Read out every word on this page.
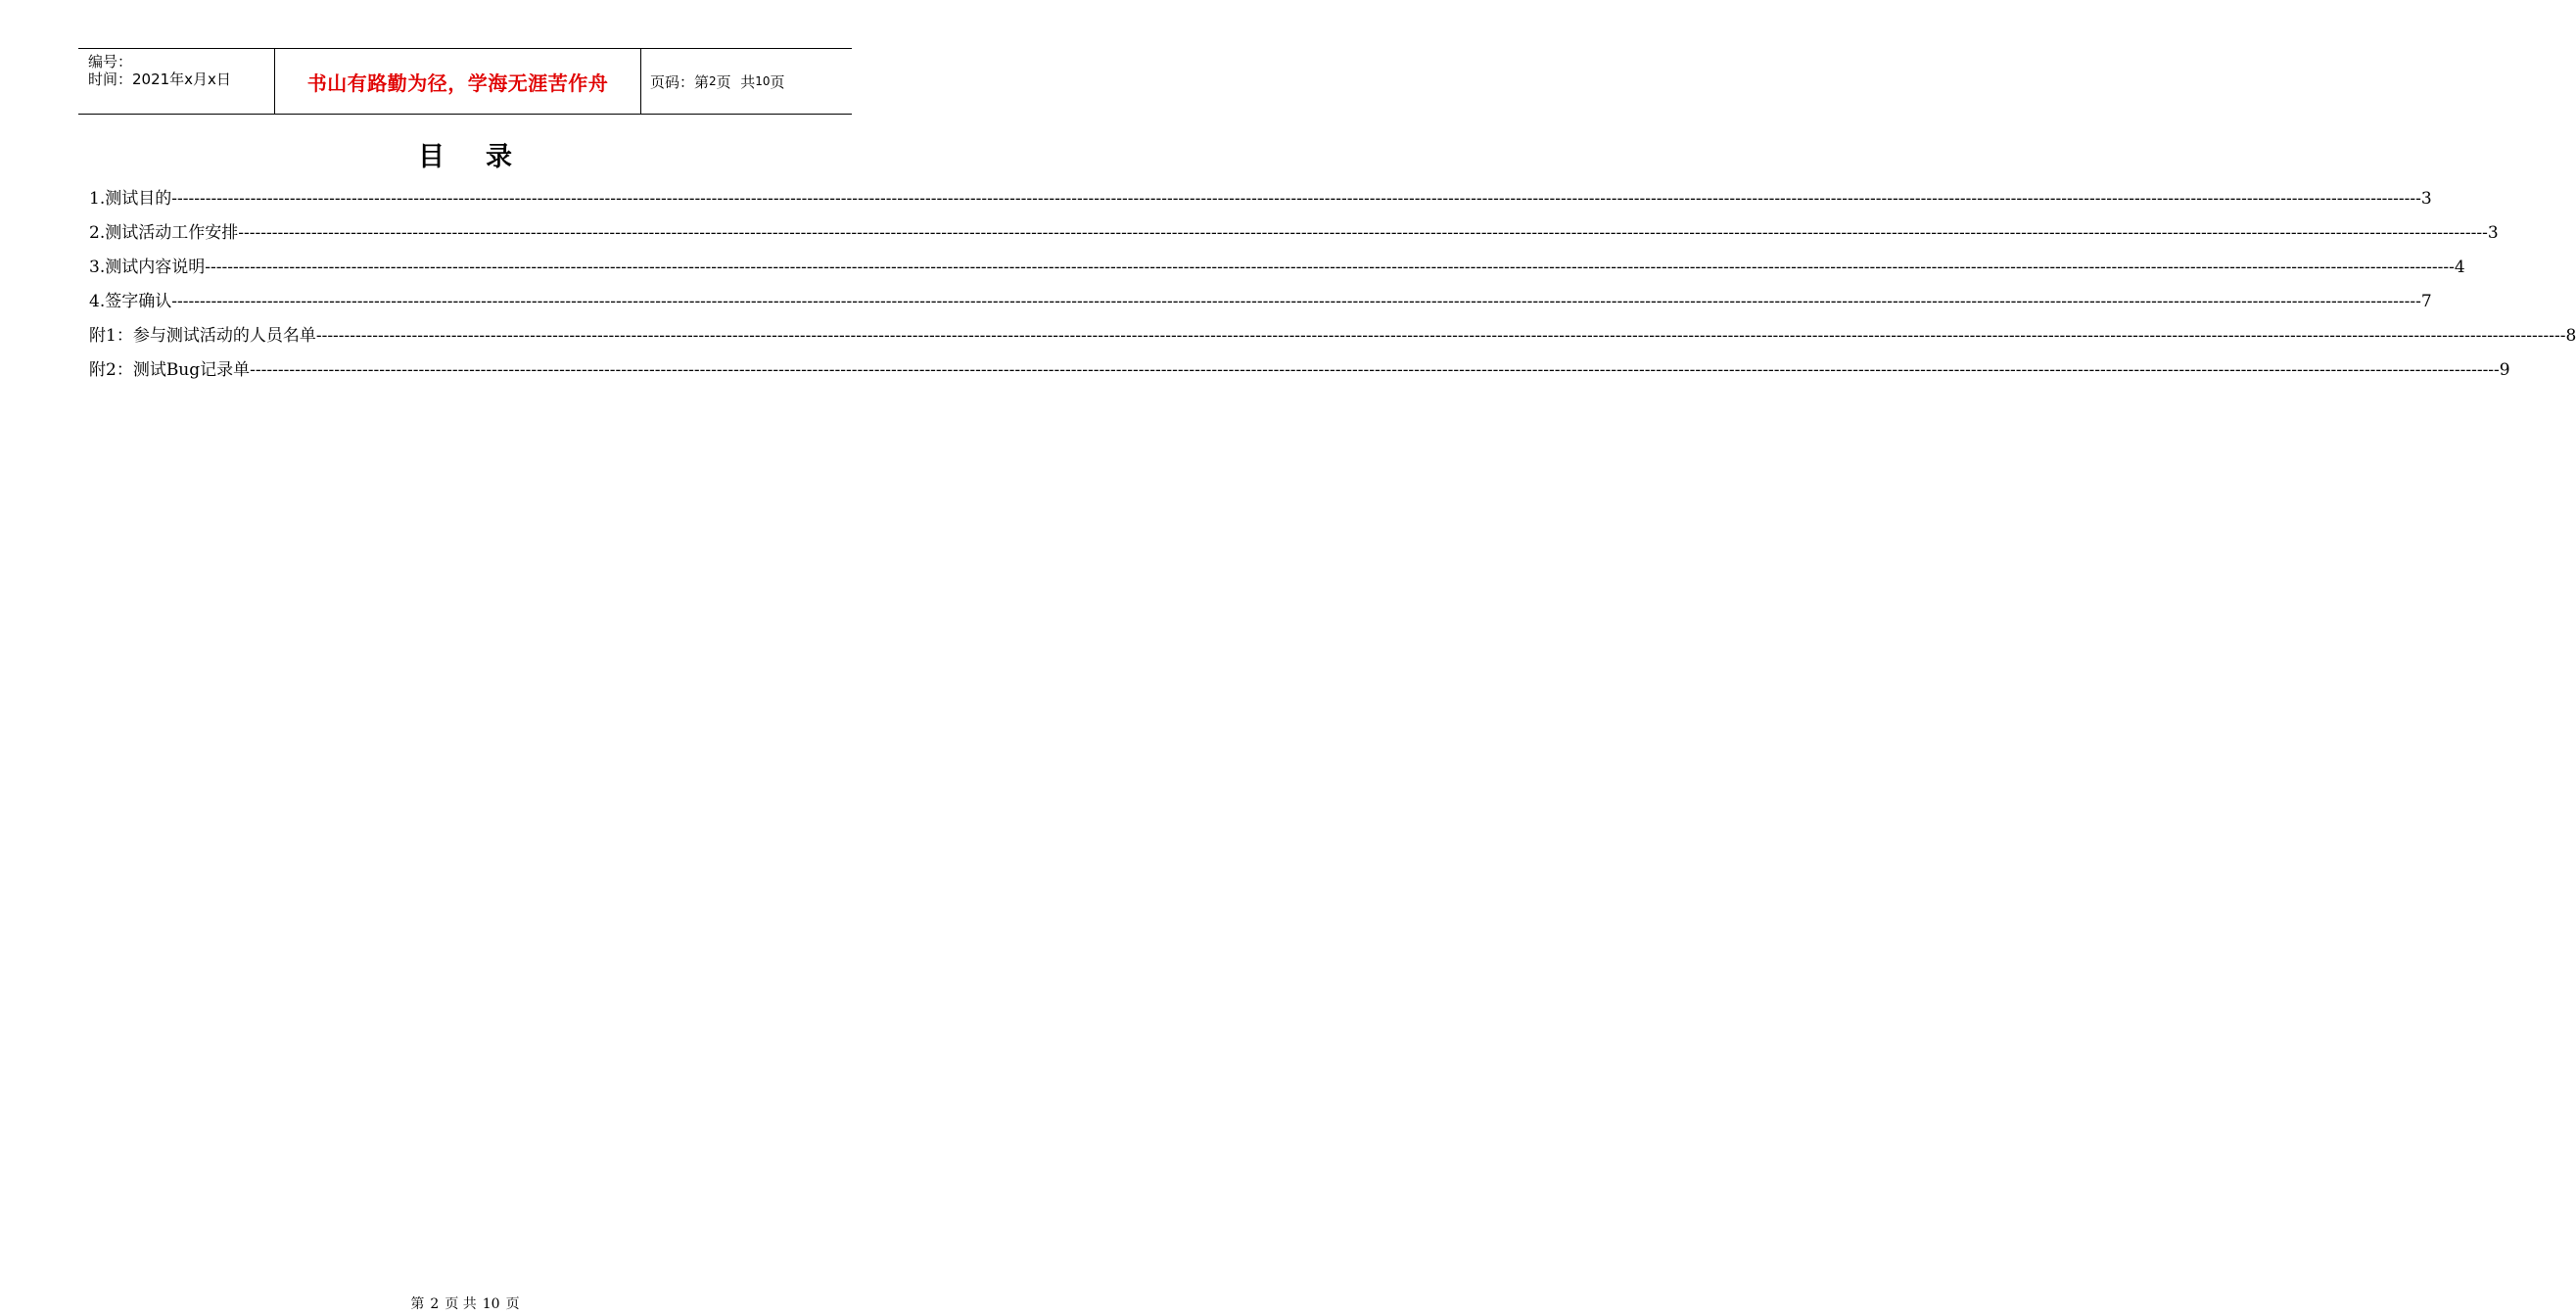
编号：
时间：2021年x月x日	书山有路勤为径，学海无涯苦作舟	页码：第 2 页  共 10 页
目 录
1. 测试目的 ---------------------------------------------------------------------------------------------------------------------------------------------------------------------------------------------------------------------------------------------------------------------------------------------------------------------------------------------------------------------------------------------------------------- 3
2. 测试活动工作安排 ---------------------------------------------------------------------------------------------------------------------------------------------------------------------------------------------------------------------------------------------------------------------------------------------------------------------------------------------------------------------------------------------------------------- 3
3. 测试内容说明 ---------------------------------------------------------------------------------------------------------------------------------------------------------------------------------------------------------------------------------------------------------------------------------------------------------------------------------------------------------------------------------------------------------------- 4
4. 签字确认 ---------------------------------------------------------------------------------------------------------------------------------------------------------------------------------------------------------------------------------------------------------------------------------------------------------------------------------------------------------------------------------------------------------------- 7
附1：参与测试活动的人员名单 ---------------------------------------------------------------------------------------------------------------------------------------------------------------------------------------------------------------------------------------------------------------------------------------------------------------------------------------------------------------------------------------------------------------- 8
附2：测试Bug记录单 ---------------------------------------------------------------------------------------------------------------------------------------------------------------------------------------------------------------------------------------------------------------------------------------------------------------------------------------------------------------------------------------------------------------- 9
第 2 页 共 10 页
